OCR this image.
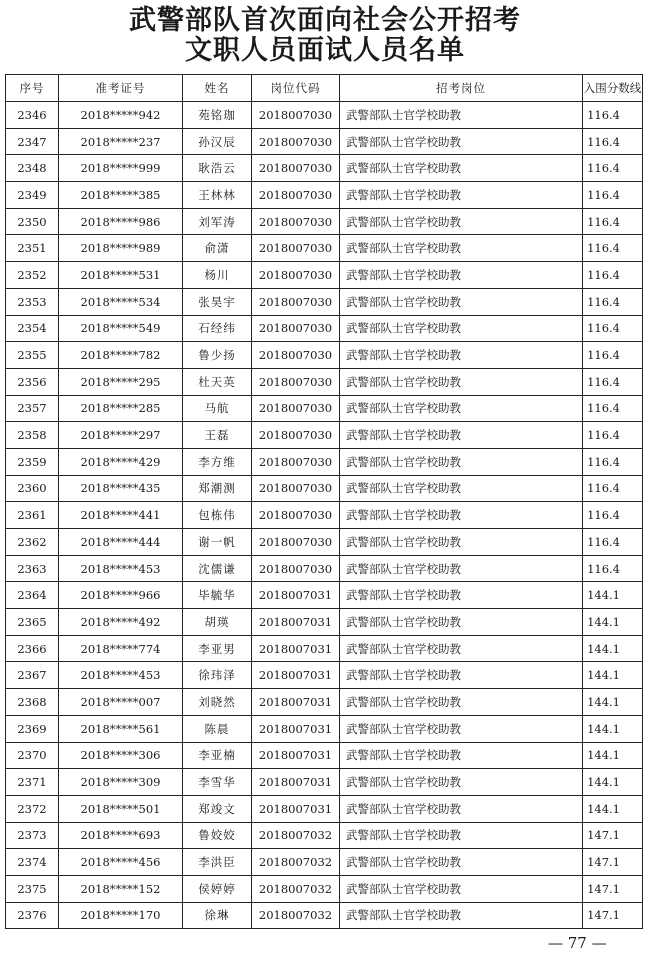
武警部队首次面向社会公开招考
文职人员面试人员名单
序号	准考证号	姓名	岗位代码	招考岗位	入围分数线
2346	2018*****942	苑铭珈	2018007030	武警部队士官学校助教	116.4
2347	2018*****237	孙汉辰	2018007030	武警部队士官学校助教	116.4
2348	2018*****999	耿浩云	2018007030	武警部队士官学校助教	116.4
2349	2018*****385	王林林	2018007030	武警部队士官学校助教	116.4
2350	2018*****986	刘军涛	2018007030	武警部队士官学校助教	116.4
2351	2018*****989	俞潇	2018007030	武警部队士官学校助教	116.4
2352	2018*****531	杨川	2018007030	武警部队士官学校助教	116.4
2353	2018*****534	张昊宇	2018007030	武警部队士官学校助教	116.4
2354	2018*****549	石经纬	2018007030	武警部队士官学校助教	116.4
2355	2018*****782	鲁少扬	2018007030	武警部队士官学校助教	116.4
2356	2018*****295	杜天英	2018007030	武警部队士官学校助教	116.4
2357	2018*****285	马航	2018007030	武警部队士官学校助教	116.4
2358	2018*****297	王磊	2018007030	武警部队士官学校助教	116.4
2359	2018*****429	李方维	2018007030	武警部队士官学校助教	116.4
2360	2018*****435	郑潮测	2018007030	武警部队士官学校助教	116.4
2361	2018*****441	包栋伟	2018007030	武警部队士官学校助教	116.4
2362	2018*****444	谢一帆	2018007030	武警部队士官学校助教	116.4
2363	2018*****453	沈儒谦	2018007030	武警部队士官学校助教	116.4
2364	2018*****966	毕毓华	2018007031	武警部队士官学校助教	144.1
2365	2018*****492	胡瑛	2018007031	武警部队士官学校助教	144.1
2366	2018*****774	李亚男	2018007031	武警部队士官学校助教	144.1
2367	2018*****453	徐玮泽	2018007031	武警部队士官学校助教	144.1
2368	2018*****007	刘晓然	2018007031	武警部队士官学校助教	144.1
2369	2018*****561	陈晨	2018007031	武警部队士官学校助教	144.1
2370	2018*****306	李亚楠	2018007031	武警部队士官学校助教	144.1
2371	2018*****309	李雪华	2018007031	武警部队士官学校助教	144.1
2372	2018*****501	郑竣文	2018007031	武警部队士官学校助教	144.1
2373	2018*****693	鲁姣姣	2018007032	武警部队士官学校助教	147.1
2374	2018*****456	李洪臣	2018007032	武警部队士官学校助教	147.1
2375	2018*****152	侯婷婷	2018007032	武警部队士官学校助教	147.1
2376	2018*****170	徐琳	2018007032	武警部队士官学校助教	147.1
— 77 —
